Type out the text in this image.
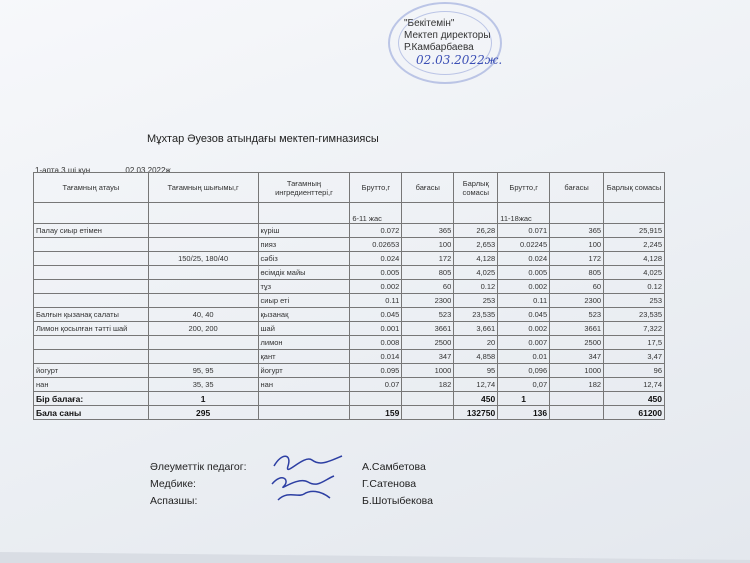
"Бекітемін"
Мектеп директоры
Р.Камбарбаева
02.03.2022ж.
Мұхтар Әуезов атындағы мектеп-гимназиясы
1-апта 3 ші күн	02.03.2022ж
Тағамның атауы	Тағамның шығымы,г	Тағамның ингредиенттері,г	Брутто,г	бағасы	Барлық сомасы	Брутто,г	бағасы	Барлық сомасы
			6-11 жас			11-18жас		
Палау сиыр етімен		күріш	0.072	365	26,28	0.071	365	25,915
		пияз	0.02653	100	2,653	0.02245	100	2,245
	150/25, 180/40	сәбіз	0.024	172	4,128	0.024	172	4,128
		өсімдік майы	0.005	805	4,025	0.005	805	4,025
		тұз	0.002	60	0.12	0.002	60	0.12
		сиыр еті	0.11	2300	253	0.11	2300	253
Балғын қызанақ салаты	40, 40	қызанақ	0.045	523	23,535	0.045	523	23,535
Лимон қосылған тәтті шай	200, 200	шай	0.001	3661	3,661	0.002	3661	7,322
		лимон	0.008	2500	20	0.007	2500	17,5
		қант	0.014	347	4,858	0.01	347	3,47
йогурт	95, 95	йогурт	0.095	1000	95	0,096	1000	96
нан	35, 35	нан	0.07	182	12,74	0,07	182	12,74
Бір балаға:	1				450	1		450
Бала саны	295		159		132750	136		61200
Әлеуметтік педагог:	А.Самбетова
Медбике:	Г.Сатенова
Аспазшы:	Б.Шотыбекова
